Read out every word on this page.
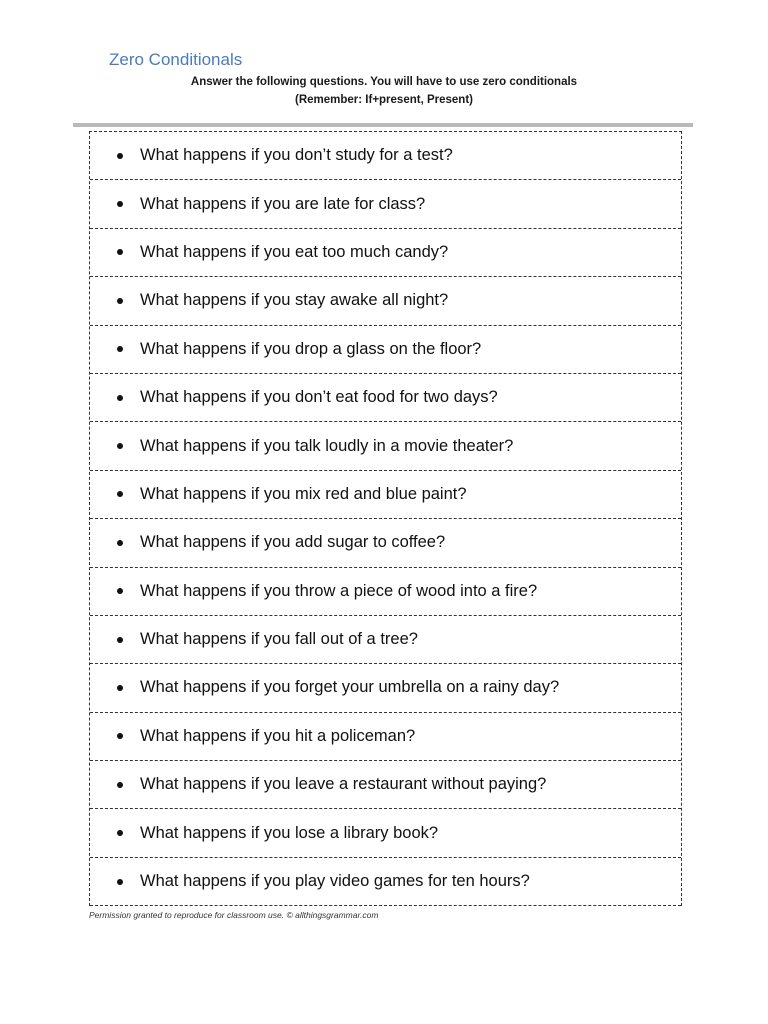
Zero Conditionals

Answer the following questions. You will have to use zero conditionals

(Remember: If+present, Present)

What happens if you don’t study for a test?
What happens if you are late for class?
What happens if you eat too much candy?
What happens if you stay awake all night?
What happens if you drop a glass on the floor?
What happens if you don’t eat food for two days?
What happens if you talk loudly in a movie theater?
What happens if you mix red and blue paint?
What happens if you add sugar to coffee?
What happens if you throw a piece of wood into a fire?
What happens if you fall out of a tree?
What happens if you forget your umbrella on a rainy day?
What happens if you hit a policeman?
What happens if you leave a restaurant without paying?
What happens if you lose a library book?
What happens if you play video games for ten hours?
Permission granted to reproduce for classroom use. © allthingsgrammar.com
